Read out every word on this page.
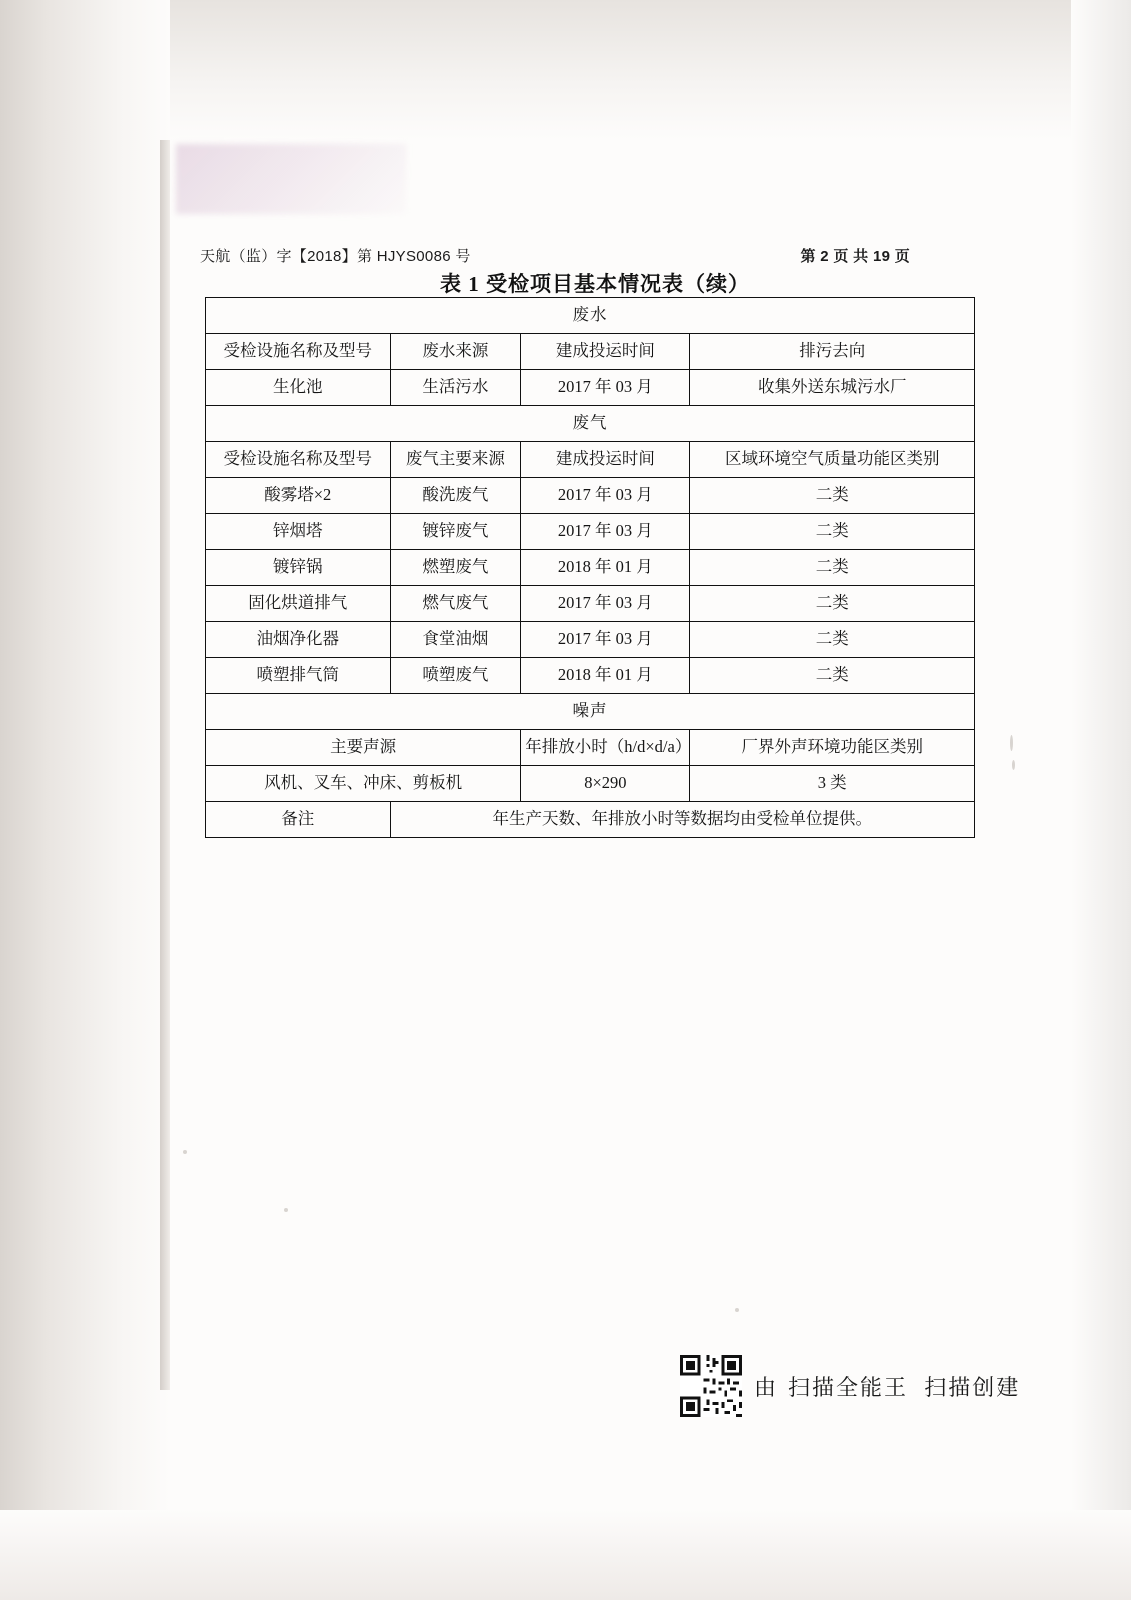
天航（监）字【2018】第 HJYS0086 号	第 2 页 共 19 页
表 1 受检项目基本情况表（续）
废水			
受检设施名称及型号	废水来源	建成投运时间	排污去向
生化池	生活污水	2017 年 03 月	收集外送东城污水厂
废气			
受检设施名称及型号	废气主要来源	建成投运时间	区域环境空气质量功能区类别
酸雾塔×2	酸洗废气	2017 年 03 月	二类
锌烟塔	镀锌废气	2017 年 03 月	二类
镀锌锅	燃塑废气	2018 年 01 月	二类
固化烘道排气	燃气废气	2017 年 03 月	二类
油烟净化器	食堂油烟	2017 年 03 月	二类
喷塑排气筒	喷塑废气	2018 年 01 月	二类
噪声			
主要声源		年排放小时（h/d×d/a）	厂界外声环境功能区类别
风机、叉车、冲床、剪板机		8×290	3 类
备注	年生产天数、年排放小时等数据均由受检单位提供。		
由 扫描全能王 扫描创建
